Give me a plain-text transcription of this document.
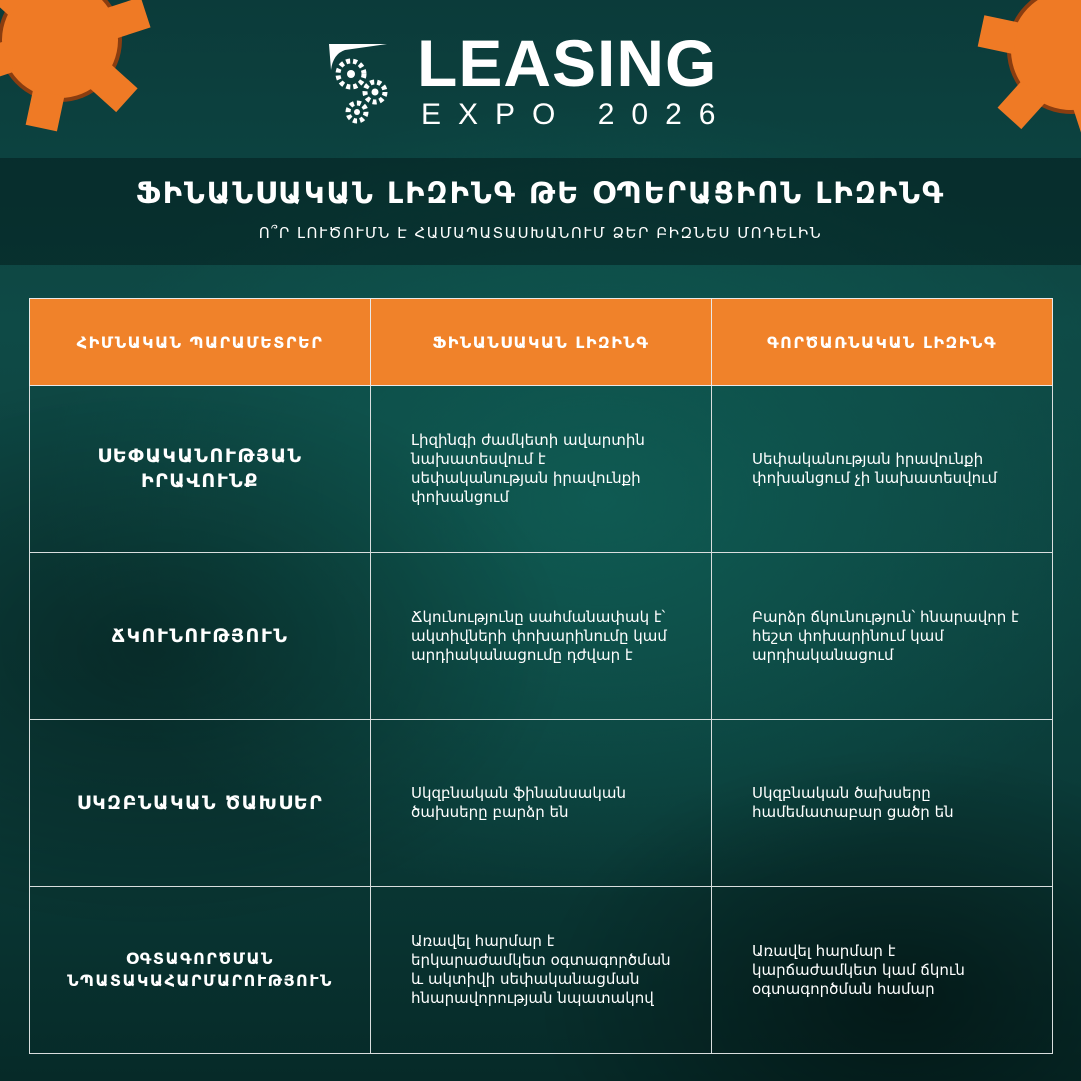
LEASING
EXPO 2026
ՖԻՆԱՆՍԱԿԱՆ ԼԻԶԻՆԳ ԹԵ ՕՊԵՐԱՑԻՈՆ ԼԻԶԻՆԳ
Ո՞Ր ԼՈՒԾՈՒՄՆ Է ՀԱՄԱՊԱՏԱՍԽԱՆՈՒՄ ՁԵՐ ԲԻԶՆԵՍ ՄՈԴԵԼԻՆ
ՀԻՄՆԱԿԱՆ ՊԱՐԱՄԵՏՐԵՐ	ՖԻՆԱՆՍԱԿԱՆ ԼԻԶԻՆԳ	ԳՈՐԾԱՌՆԱԿԱՆ ԼԻԶԻՆԳ
ՍԵՓԱԿԱՆՈՒԹՅԱՆ ԻՐԱՎՈՒՆՔ	Լիզինգի ժամկետի ավարտին նախատեսվում է սեփականության իրավունքի փոխանցում	Սեփականության իրավունքի փոխանցում չի նախատեսվում
ՃԿՈՒՆՈՒԹՅՈՒՆ	Ճկունությունը սահմանափակ է՝ ակտիվների փոխարինումը կամ արդիականացումը դժվար է	Բարձր ճկունություն՝ հնարավոր է հեշտ փոխարինում կամ արդիականացում
ՍԿԶԲՆԱԿԱՆ ԾԱԽՍԵՐ	Սկզբնական ֆինանսական ծախսերը բարձր են	Սկզբնական ծախսերը համեմատաբար ցածր են
ՕԳՏԱԳՈՐԾՄԱՆ ՆՊԱՏԱԿԱՀԱՐՄԱՐՈՒԹՅՈՒՆ	Առավել հարմար է երկարաժամկետ օգտագործման և ակտիվի սեփականացման հնարավորության նպատակով	Առավել հարմար է կարճաժամկետ կամ ճկուն օգտագործման համար
